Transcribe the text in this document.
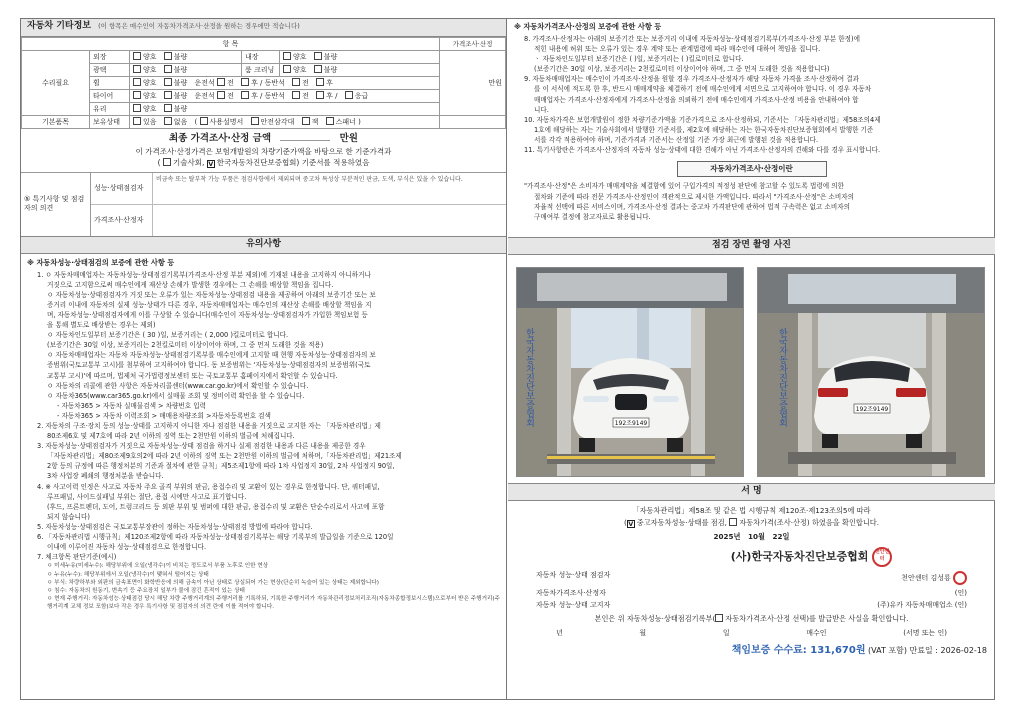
자동차 기타정보 (이 항목은 매수인이 자동차가격조사·산정을 원하는 경우에만 적습니다)
항 목					가격조사·산정
수리필요	외장	양호 불량	내장	양호 불량	만원
	광택	양호 불량	룸 크리닝	양호 불량	
	휠	양호 불량 운전석 전 후 / 동반석 전 후			
	타이어	양호 불량 운전석 전 후 / 동반석 전 후 / 응급			
	유리	양호 불량			
기본품목	보유상태	있음 없음 ( 사용설명서 안전삼각대 잭 스패너 )			
최종 가격조사·산정 금액	만원
이 가격조사·산정가격은 보험개발원의 차량기준가액을 바탕으로 한 기준가격과
( 기술사회, V 한국자동차진단보증협회) 기준서를 적용하였음
⑤ 특기사항 및 점검자의 의견
성능·상태점검자
비금속 또는 탈부착 가능 부품은 점검사항에서 제외되며 중고차 특성상 부분적인 판금, 도색, 부식은 있을 수 있습니다.
가격조사·산정자
유의사항

※ 자동차성능·상태점검의 보증에 관한 사항 등

1. ㅇ 자동차매매업자는 자동차성능·상태점검기록부(가격조사·산정 부분 제외)에 기재된 내용을 고지하지 아니하거나

거짓으로 고지함으로써 매수인에게 재산상 손해가 발생한 경우에는 그 손해를 배상할 책임을 집니다.

ㅇ 자동차성능·상태점검자가 거짓 또는 오류가 있는 자동차성능·상태점검 내용을 제공하여 아래의 보증기간 또는 보

증거리 이내에 자동차의 실제 성능·상태가 다른 경우, 자동차매매업자는 매수인의 재산상 손해를 배상할 책임을 지

며, 자동차성능·상태점검자에게 이를 구상할 수 있습니다(매수인이 자동차성능·상태점검자가 가입한 책임보험 등

을 통해 별도로 배상받는 경우는 제외)

ㅇ 자동차인도일부터 보증기간은 ( 30 )일, 보증거리는 ( 2,000 )킬로미터로 합니다.

(보증기간은 30일 이상, 보증거리는 2천킬로미터 이상이어야 하며, 그 중 먼저 도래한 것을 적용)

ㅇ 자동차매매업자는 자동차 자동차성능·상태점검기록부를 매수인에게 고지할 때 현행 자동차성능·상태점검자의 보

증범위(국토교통부 고시)를 첨부하여 고지하여야 합니다. 동 보증범위는 '자동차성능·상태점검자의 보증범위(국토

교통부 고시)'에 따르며, 법제처 국가법령정보센터 또는 국토교통부 홈페이지에서 확인할 수 있습니다.

ㅇ 자동차의 리콜에 관한 사항은 자동차리콜센터(www.car.go.kr)에서 확인할 수 있습니다.

ㅇ 자동차365(www.car365.go.kr)에서 실매물 조회 및 정비이력 확인을 할 수 있습니다.

- 자동차365 > 자동차 실매물검색 > 차량번호 입력

- 자동차365 > 자동차 이력조회 > 매매용차량조회 >자동차등록번호 검색

2. 자동차의 구조·장치 등의 성능·상태를 고지하지 아니한 자나 점검한 내용을 거짓으로 고지한 자는 「자동차관리법」제

80조제6호 및 제7호에 따라 2년 이하의 징역 또는 2천만원 이하의 벌금에 처해집니다.

3. 자동차성능·상태점검자가 거짓으로 자동차성능·상태 점검을 하거나 실제 점검한 내용과 다른 내용을 제공한 경우

「자동차관리법」제80조제9호의2에 따라 2년 이하의 징역 또는 2천만원 이하의 벌금에 처하며,「자동차관리법」제21조제

2항 등의 규정에 따른 행정처분의 기준과 절차에 관한 규칙」제5조제1항에 따라 1차 사업정지 30일, 2차 사업정지 90일,

3차 사업장 폐쇄의 행정처분을 받습니다.

4. ※ 사고이력 인정은 사고로 자동차 주요 골격 부위의 판금, 용접수리 및 교환이 있는 경우로 한정합니다. 단, 쿼터패널,

루프패널, 사이드실패널 부위는 절단, 용접 시에만 사고로 표기합니다.

(후드, 프론트펜더, 도어, 트렁크리드 등 외판 부위 및 범퍼에 대한 판금, 용접수리 및 교환은 단순수리로서 사고에 포함

되지 않습니다)

5. 자동차성능·상태점검은 국토교통부장관이 정하는 자동차성능·상태점검 방법에 따라야 합니다.

6. 「자동차관리법 시행규칙」제120조제2항에 따라 자동차성능·상태점검기록부는 해당 기록부의 발급일을 기준으로 120일

이내에 이루어진 자동차 성능·상태점검으로 한정합니다.

7. 체크항목 판단기준(예시)

ㅇ 미세누유(미세누수): 해당부위에 오일(냉각수)이 비치는 정도로서 부품 노후로 인한 현상

ㅇ 누유(누수): 해당부위에서 오일(냉각수)이 맺혀서 떨어지는 상태

ㅇ 부식: 차량하부와 외판의 금속표면이 화학반응에 의해 금속이 아닌 상태로 상실되어 가는 현상(단순히 녹슬어 있는 상태는 제외합니다)

ㅇ 침수: 자동차의 원동기, 변속기 등 주요장치 일부가 물에 잠긴 흔적이 있는 상태

ㅇ 현재 주행거리: 자동차성능·상태점검 당시 해당 차량 주행거리계의 주행거리를 기록하되, 기록한 주행거리가 자동차관리정보처리조직(자동차종합정보시스템)으로부터 받은 주행거리(주행거리계 교체 정보 포함)보다 작은 경우 특기사항 및 점검자의 의견 란에 이를 적어야 합니다.

※ 자동차가격조사·산정의 보증에 관한 사항 등

8. 가격조사·산정자는 아래의 보증기간 또는 보증거리 이내에 자동차성능·상태점검기록부(가격조사·산정 부분 한정)에

적힌 내용에 허위 또는 오류가 있는 경우 계약 또는 관계법령에 따라 매수인에 대하여 책임을 집니다.

ㆍ 자동차인도일부터 보증기간은 ( )일, 보증거리는 ( )킬로미터로 합니다.

(보증기간은 30일 이상, 보증거리는 2천킬로미터 이상이어야 하며, 그 중 먼저 도래한 것을 적용합니다)

9. 자동차매매업자는 매수인이 가격조사·산정을 원할 경우 가격조사·산정자가 해당 자동차 가격을 조사·산정하여 결과

를 이 서식에 적도록 한 후, 반드시 매매계약을 체결하기 전에 매수인에게 서면으로 고지하여야 합니다. 이 경우 자동차

매매업자는 가격조사·산정자에게 가격조사·산정을 의뢰하기 전에 매수인에게 가격조사·산정 비용을 안내하여야 합

니다.

10. 자동차가격은 보험개발원이 정한 차량기준가액을 기준가격으로 조사·산정하되, 기준서는 「자동차관리법」제58조의4제

1호에 해당하는 자는 기술사회에서 발행한 기준서를, 제2호에 해당하는 자는 한국자동차진단보증협회에서 발행한 기준

서를 각각 적용하여야 하며, 기준가격과 기준서는 산정일 기준 가장 최근에 발행된 것을 적용합니다.

11. 특기사항란은 가격조사·산정자의 자동차 성능·상태에 대한 견해가 아닌 가격조사·산정자의 견해와 다를 경우 표시합니다.

자동차가격조사·산정이란

"가격조사·산정"은 소비자가 매매계약을 체결함에 있어 구입가격의 적정성 판단에 참고할 수 있도록 법령에 의한

절차와 기준에 따라 전문 가격조사·산정인이 객관적으로 제시한 가액입니다. 따라서 "가격조사·산정"은 소비자의

자율적 선택에 따른 서비스이며, 가격조사·산정 결과는 중고차 가격판단에 관하여 법적 구속력은 없고 소비자의

구매여부 결정에 참고자료로 활용됩니다.

점검 장면 촬영 사진
한국자동차진단보증협회	192조9149	한국자동차진단보증협회	192조9149
서 명
「자동차관리법」제58조 및 같은 법 시행규칙 제120조·제123조의5에 따라
(V 중고자동차성능·상태를 점검, 자동차가격(조사·산정) 하였음을 확인합니다.
2025년 10월 22일
(사)한국자동차진단보증협회 천안센터
자동차 성능·상태 점검자	천안센터 김성룡
자동차가격조사·산정자	(인)
자동차 성능·상태 고지자	(주)유카 자동차매매업소 (인)
본인은 위 자동차성능·상태점검기록부( 자동차가격조사·산정 선택)를 발급받은 사실을 확인합니다.
년	월	일	매수인	(서명 또는 인)
책임보증 수수료: 131,670원 (VAT 포함) 만료일 : 2026-02-18
